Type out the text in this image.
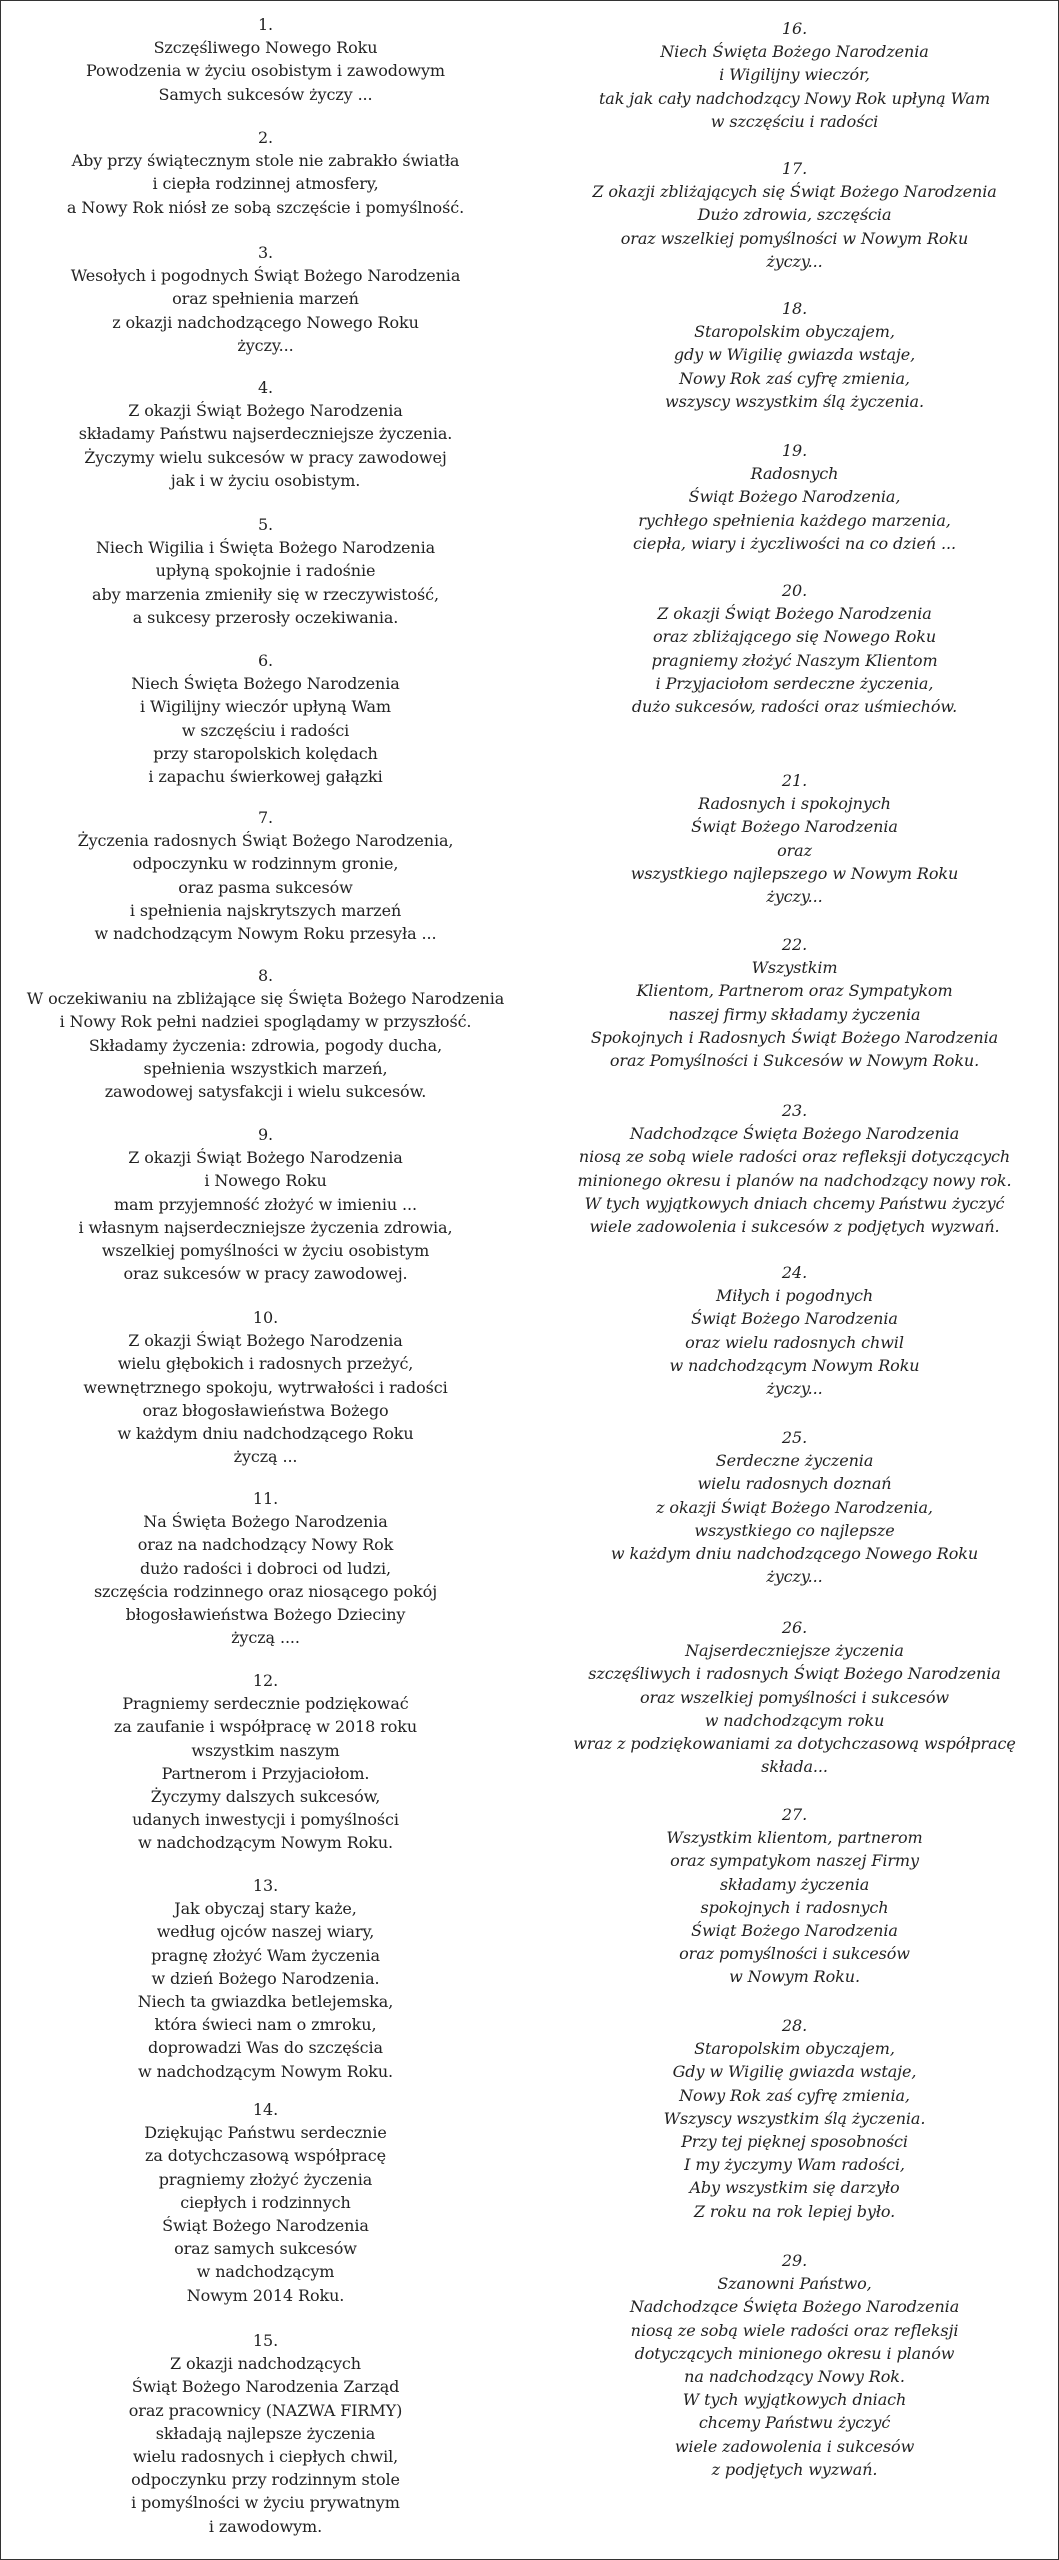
1.
Szczęśliwego Nowego Roku
Powodzenia w życiu osobistym i zawodowym
Samych sukcesów życzy ...
2.
Aby przy świątecznym stole nie zabrakło światła
i ciepła rodzinnej atmosfery,
a Nowy Rok niósł ze sobą szczęście i pomyślność.
3.
Wesołych i pogodnych Świąt Bożego Narodzenia
oraz spełnienia marzeń
z okazji nadchodzącego Nowego Roku
życzy...
4.
Z okazji Świąt Bożego Narodzenia
składamy Państwu najserdeczniejsze życzenia.
Życzymy wielu sukcesów w pracy zawodowej
jak i w życiu osobistym.
5.
Niech Wigilia i Święta Bożego Narodzenia
upłyną spokojnie i radośnie
aby marzenia zmieniły się w rzeczywistość,
a sukcesy przerosły oczekiwania.
6.
Niech Święta Bożego Narodzenia
i Wigilijny wieczór upłyną Wam
w szczęściu i radości
przy staropolskich kolędach
i zapachu świerkowej gałązki
7.
Życzenia radosnych Świąt Bożego Narodzenia,
odpoczynku w rodzinnym gronie,
oraz pasma sukcesów
i spełnienia najskrytszych marzeń
w nadchodzącym Nowym Roku przesyła ...
8.
W oczekiwaniu na zbliżające się Święta Bożego Narodzenia
i Nowy Rok pełni nadziei spoglądamy w przyszłość.
Składamy życzenia: zdrowia, pogody ducha,
spełnienia wszystkich marzeń,
zawodowej satysfakcji i wielu sukcesów.
9.
Z okazji Świąt Bożego Narodzenia
i Nowego Roku
mam przyjemność złożyć w imieniu ...
i własnym najserdeczniejsze życzenia zdrowia,
wszelkiej pomyślności w życiu osobistym
oraz sukcesów w pracy zawodowej.
10.
Z okazji Świąt Bożego Narodzenia
wielu głębokich i radosnych przeżyć,
wewnętrznego spokoju, wytrwałości i radości
oraz błogosławieństwa Bożego
w każdym dniu nadchodzącego Roku
życzą ...
11.
Na Święta Bożego Narodzenia
oraz na nadchodzący Nowy Rok
dużo radości i dobroci od ludzi,
szczęścia rodzinnego oraz niosącego pokój
błogosławieństwa Bożego Dzieciny
życzą ....
12.
Pragniemy serdecznie podziękować
za zaufanie i współpracę w 2018 roku
wszystkim naszym
Partnerom i Przyjaciołom.
Życzymy dalszych sukcesów,
udanych inwestycji i pomyślności
w nadchodzącym Nowym Roku.
13.
Jak obyczaj stary każe,
według ojców naszej wiary,
pragnę złożyć Wam życzenia
w dzień Bożego Narodzenia.
Niech ta gwiazdka betlejemska,
która świeci nam o zmroku,
doprowadzi Was do szczęścia
w nadchodzącym Nowym Roku.
14.
Dziękując Państwu serdecznie
za dotychczasową współpracę
pragniemy złożyć życzenia
ciepłych i rodzinnych
Świąt Bożego Narodzenia
oraz samych sukcesów
w nadchodzącym
Nowym 2014 Roku.
15.
Z okazji nadchodzących
Świąt Bożego Narodzenia Zarząd
oraz pracownicy (NAZWA FIRMY)
składają najlepsze życzenia
wielu radosnych i ciepłych chwil,
odpoczynku przy rodzinnym stole
i pomyślności w życiu prywatnym
i zawodowym.
16.
Niech Święta Bożego Narodzenia
i Wigilijny wieczór,
tak jak cały nadchodzący Nowy Rok upłyną Wam
w szczęściu i radości
17.
Z okazji zbliżających się Świąt Bożego Narodzenia
Dużo zdrowia, szczęścia
oraz wszelkiej pomyślności w Nowym Roku
życzy...
18.
Staropolskim obyczajem,
gdy w Wigilię gwiazda wstaje,
Nowy Rok zaś cyfrę zmienia,
wszyscy wszystkim ślą życzenia.
19.
Radosnych
Świąt Bożego Narodzenia,
rychłego spełnienia każdego marzenia,
ciepła, wiary i życzliwości na co dzień ...
20.
Z okazji Świąt Bożego Narodzenia
oraz zbliżającego się Nowego Roku
pragniemy złożyć Naszym Klientom
i Przyjaciołom serdeczne życzenia,
dużo sukcesów, radości oraz uśmiechów.
21.
Radosnych i spokojnych
Świąt Bożego Narodzenia
oraz
wszystkiego najlepszego w Nowym Roku
życzy...
22.
Wszystkim
Klientom, Partnerom oraz Sympatykom
naszej firmy składamy życzenia
Spokojnych i Radosnych Świąt Bożego Narodzenia
oraz Pomyślności i Sukcesów w Nowym Roku.
23.
Nadchodzące Święta Bożego Narodzenia
niosą ze sobą wiele radości oraz refleksji dotyczących
minionego okresu i planów na nadchodzący nowy rok.
W tych wyjątkowych dniach chcemy Państwu życzyć
wiele zadowolenia i sukcesów z podjętych wyzwań.
24.
Miłych i pogodnych
Świąt Bożego Narodzenia
oraz wielu radosnych chwil
w nadchodzącym Nowym Roku
życzy...
25.
Serdeczne życzenia
wielu radosnych doznań
z okazji Świąt Bożego Narodzenia,
wszystkiego co najlepsze
w każdym dniu nadchodzącego Nowego Roku
życzy...
26.
Najserdeczniejsze życzenia
szczęśliwych i radosnych Świąt Bożego Narodzenia
oraz wszelkiej pomyślności i sukcesów
w nadchodzącym roku
wraz z podziękowaniami za dotychczasową współpracę
składa...
27.
Wszystkim klientom, partnerom
oraz sympatykom naszej Firmy
składamy życzenia
spokojnych i radosnych
Świąt Bożego Narodzenia
oraz pomyślności i sukcesów
w Nowym Roku.
28.
Staropolskim obyczajem,
Gdy w Wigilię gwiazda wstaje,
Nowy Rok zaś cyfrę zmienia,
Wszyscy wszystkim ślą życzenia.
Przy tej pięknej sposobności
I my życzymy Wam radości,
Aby wszystkim się darzyło
Z roku na rok lepiej było.
29.
Szanowni Państwo,
Nadchodzące Święta Bożego Narodzenia
niosą ze sobą wiele radości oraz refleksji
dotyczących minionego okresu i planów
na nadchodzący Nowy Rok.
W tych wyjątkowych dniach
chcemy Państwu życzyć
wiele zadowolenia i sukcesów
z podjętych wyzwań.
